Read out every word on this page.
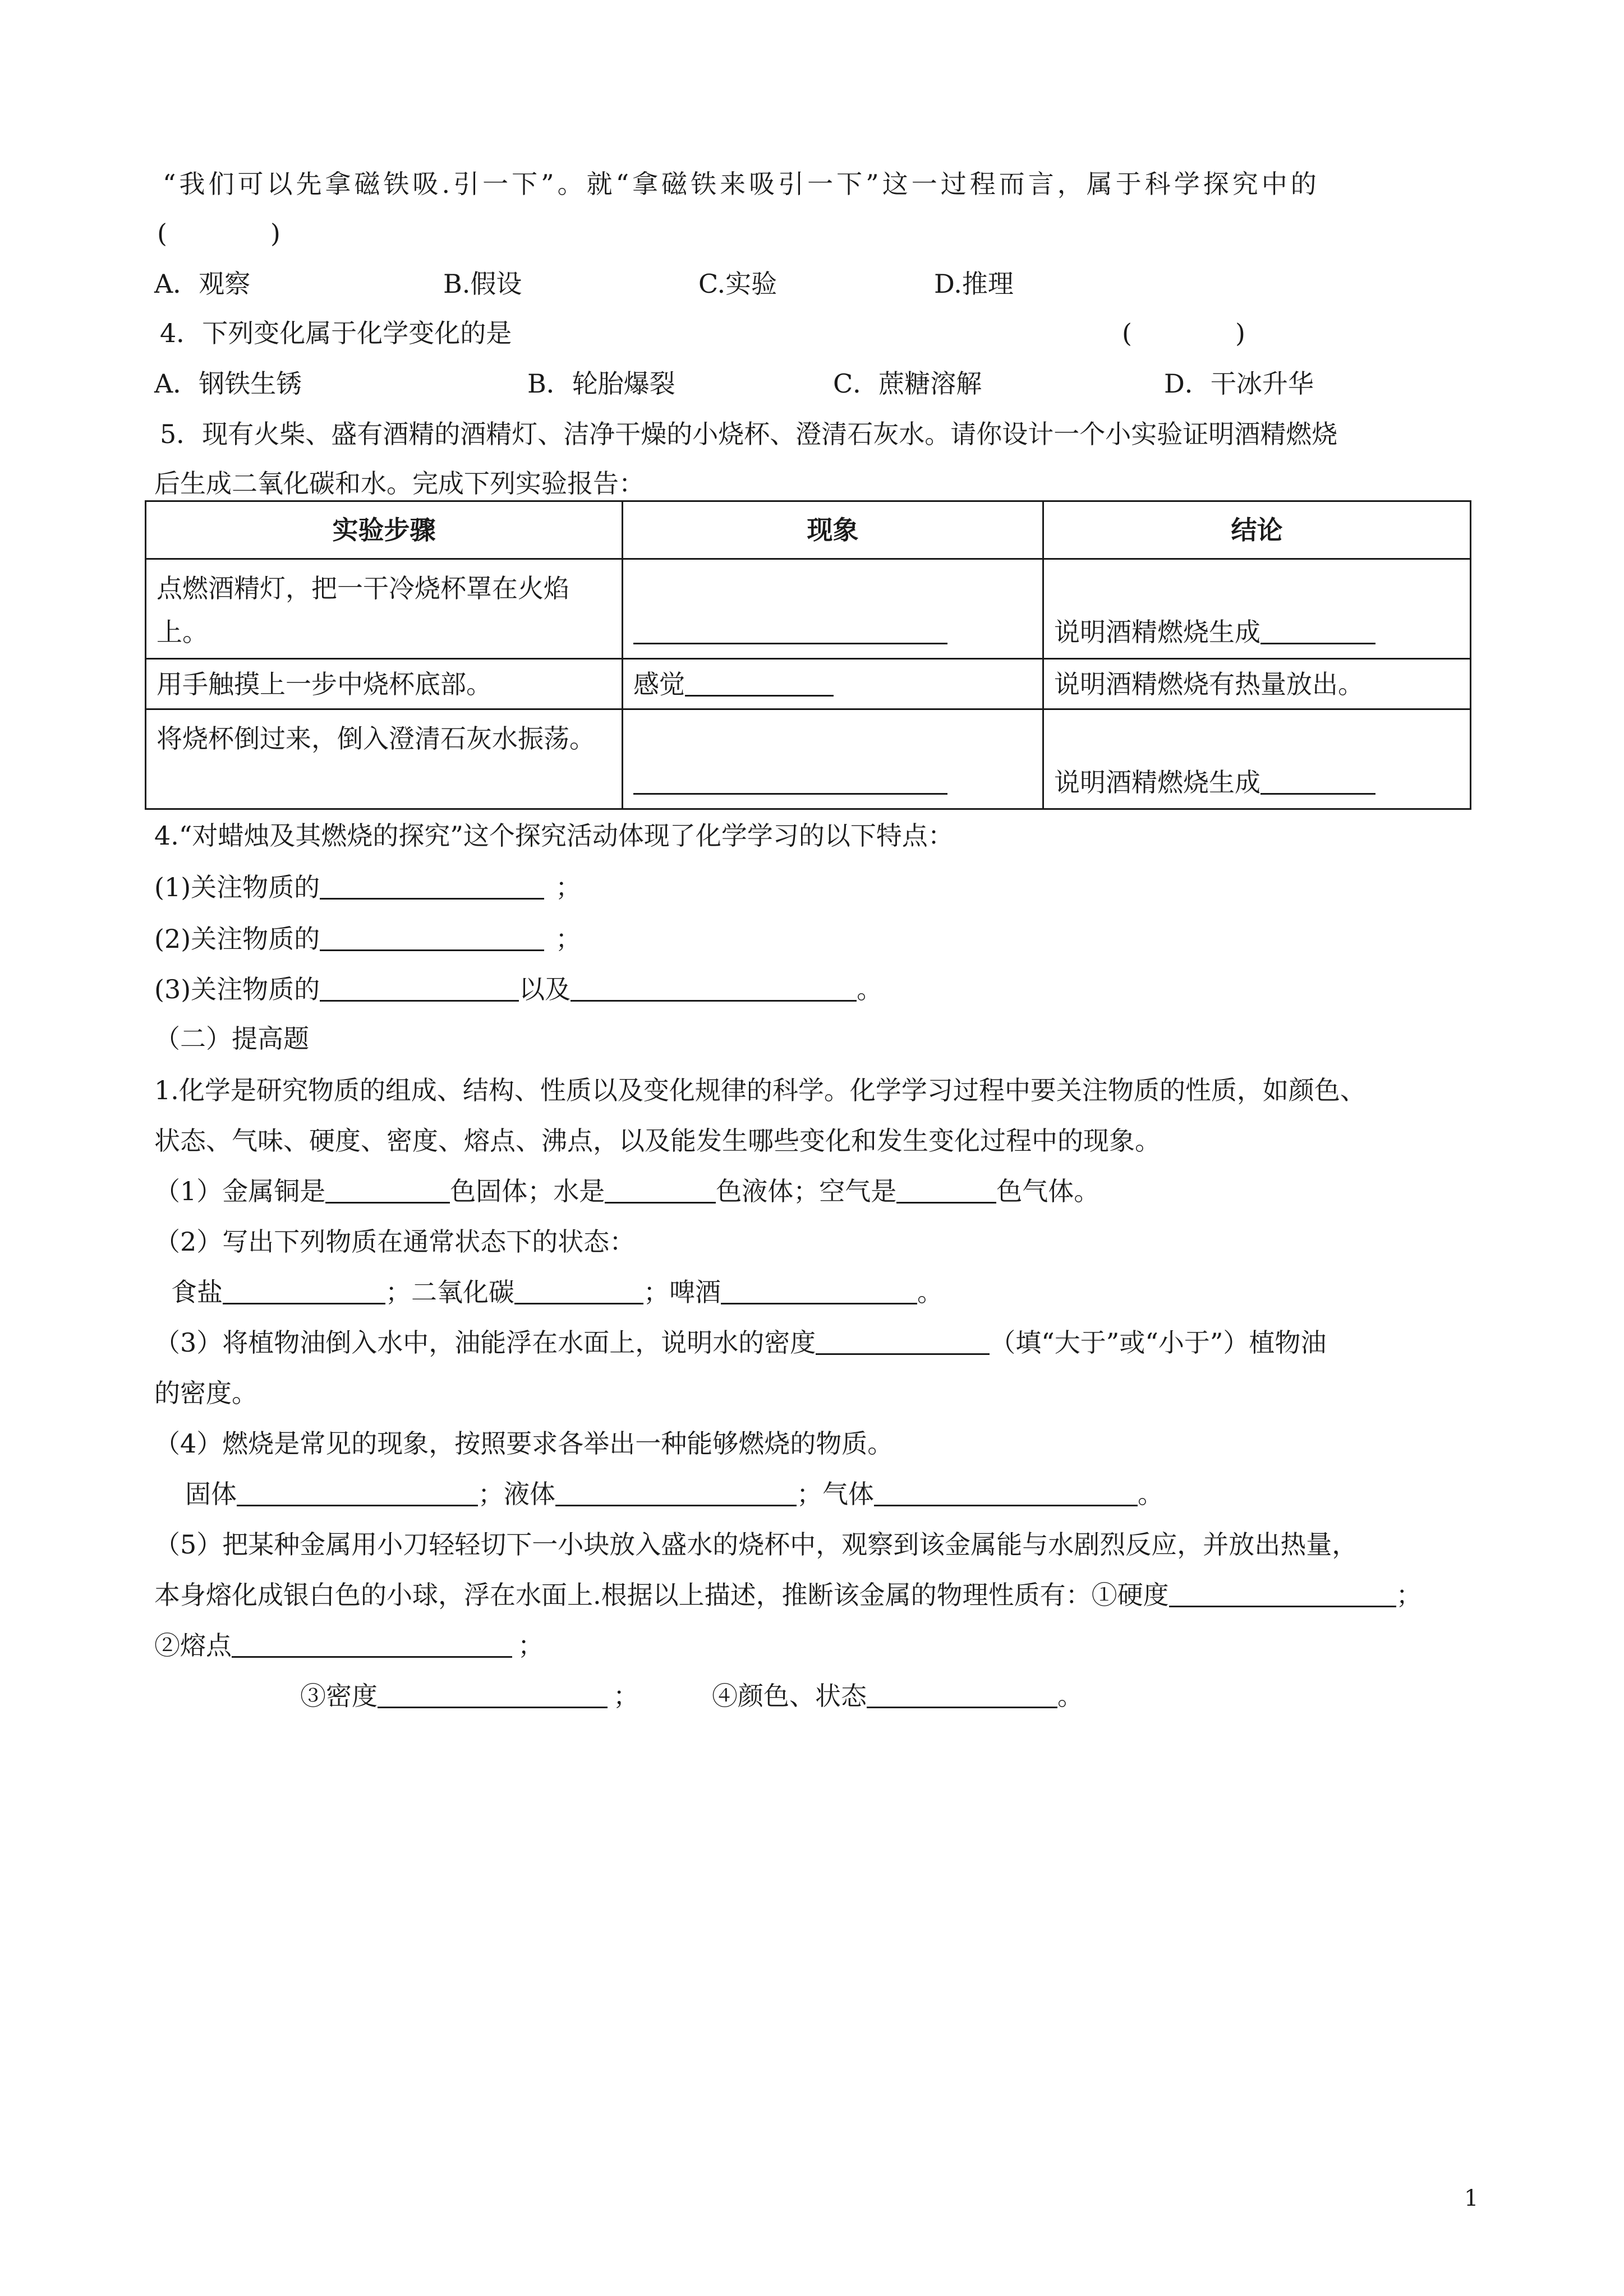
“我们可以先拿磁铁吸.引一下”。就“拿磁铁来吸引一下”这一过程而言，属于科学探究中的
(　　　　)
A．观察	B.假设	C.实验	D.推理
4．下列变化属于化学变化的是	(　　　　)
A．钢铁生锈	B．轮胎爆裂	C．蔗糖溶解	D．干冰升华
5．现有火柴、盛有酒精的酒精灯、洁净干燥的小烧杯、澄清石灰水。请你设计一个小实验证明酒精燃烧
后生成二氧化碳和水。完成下列实验报告：
实验步骤	现象	结论

点燃酒精灯，把一干冷烧杯罩在火焰
上。		说明酒精燃烧生成

用手触摸上一步中烧杯底部。	感觉	说明酒精燃烧有热量放出。

将烧杯倒过来，倒入澄清石灰水振荡。		说明酒精燃烧生成
4.“对蜡烛及其燃烧的探究”这个探究活动体现了化学学习的以下特点：
(1)关注物质的	；
(2)关注物质的	；
(3)关注物质的	以及	。
（二）提高题
1.化学是研究物质的组成、结构、性质以及变化规律的科学。化学学习过程中要关注物质的性质，如颜色、
状态、气味、硬度、密度、熔点、沸点，以及能发生哪些变化和发生变化过程中的现象。
（1）金属铜是	色固体；水是	色液体；空气是	色气体。
（2）写出下列物质在通常状态下的状态：
食盐	；二氧化碳	；啤酒	。
（3）将植物油倒入水中，油能浮在水面上，说明水的密度	（填“大于”或“小于”）植物油
的密度。
（4）燃烧是常见的现象，按照要求各举出一种能够燃烧的物质。
固体	；液体	；气体	。
（5）把某种金属用小刀轻轻切下一小块放入盛水的烧杯中，观察到该金属能与水剧烈反应，并放出热量，
本身熔化成银白色的小球，浮在水面上.根据以上描述，推断该金属的物理性质有：①硬度	；
②熔点	；
③密度	；	④颜色、状态	。
1
